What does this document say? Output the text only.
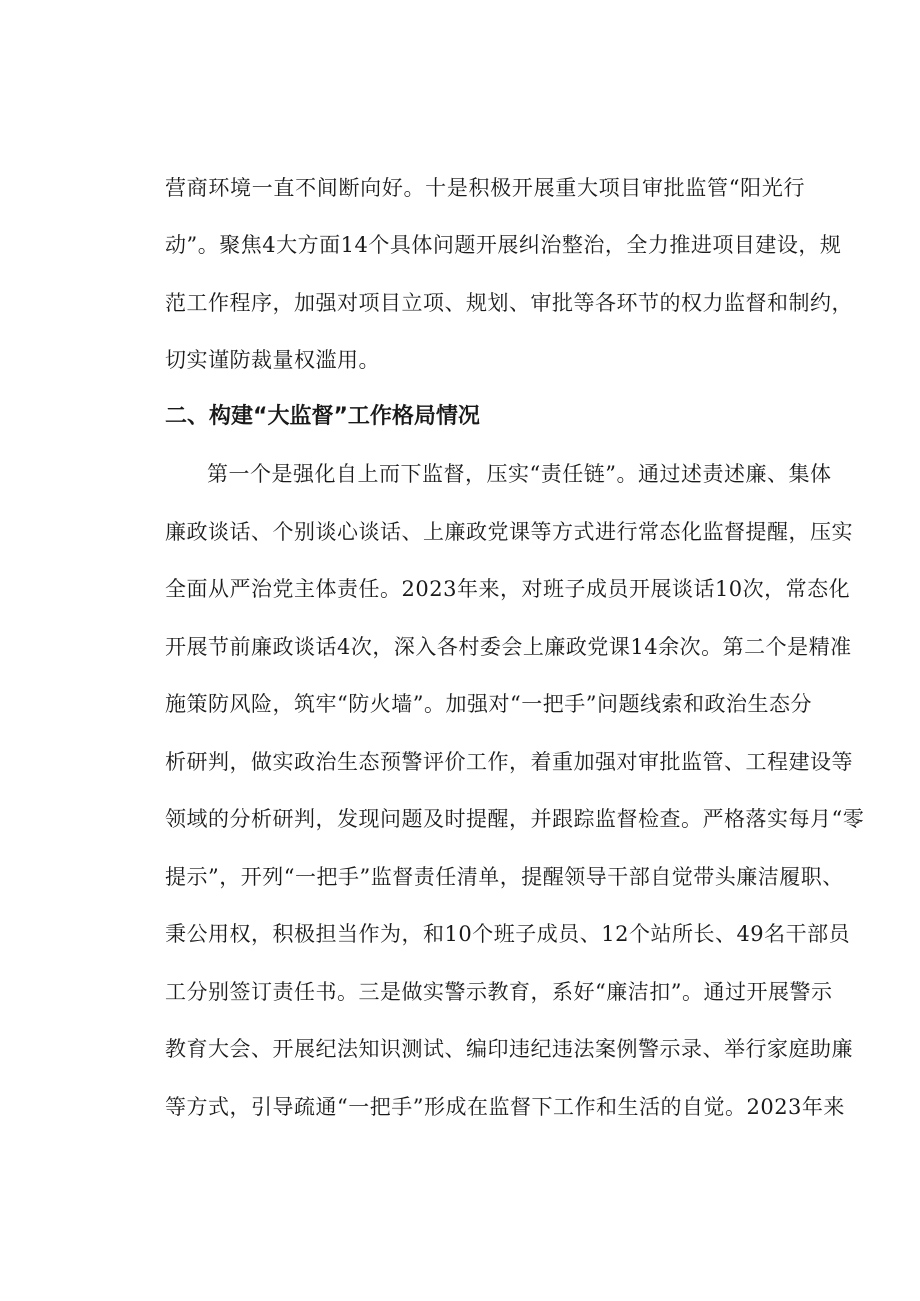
营商环境一直不间断向好。十是积极开展重大项目审批监管“阳光行
动”。聚焦4大方面14个具体问题开展纠治整治，全力推进项目建设，规
范工作程序，加强对项目立项、规划、审批等各环节的权力监督和制约，
切实谨防裁量权滥用。
二、构建“大监督”工作格局情况
第一个是强化自上而下监督，压实“责任链”。通过述责述廉、集体
廉政谈话、个别谈心谈话、上廉政党课等方式进行常态化监督提醒，压实
全面从严治党主体责任。2023年来，对班子成员开展谈话10次，常态化
开展节前廉政谈话4次，深入各村委会上廉政党课14余次。第二个是精准
施策防风险，筑牢“防火墙”。加强对“一把手”问题线索和政治生态分
析研判，做实政治生态预警评价工作，着重加强对审批监管、工程建设等
领域的分析研判，发现问题及时提醒，并跟踪监督检查。严格落实每月“零
提示”，开列“一把手”监督责任清单，提醒领导干部自觉带头廉洁履职、
秉公用权，积极担当作为，和10个班子成员、12个站所长、49名干部员
工分别签订责任书。三是做实警示教育，系好“廉洁扣”。通过开展警示
教育大会、开展纪法知识测试、编印违纪违法案例警示录、举行家庭助廉
等方式，引导疏通“一把手”形成在监督下工作和生活的自觉。2023年来
